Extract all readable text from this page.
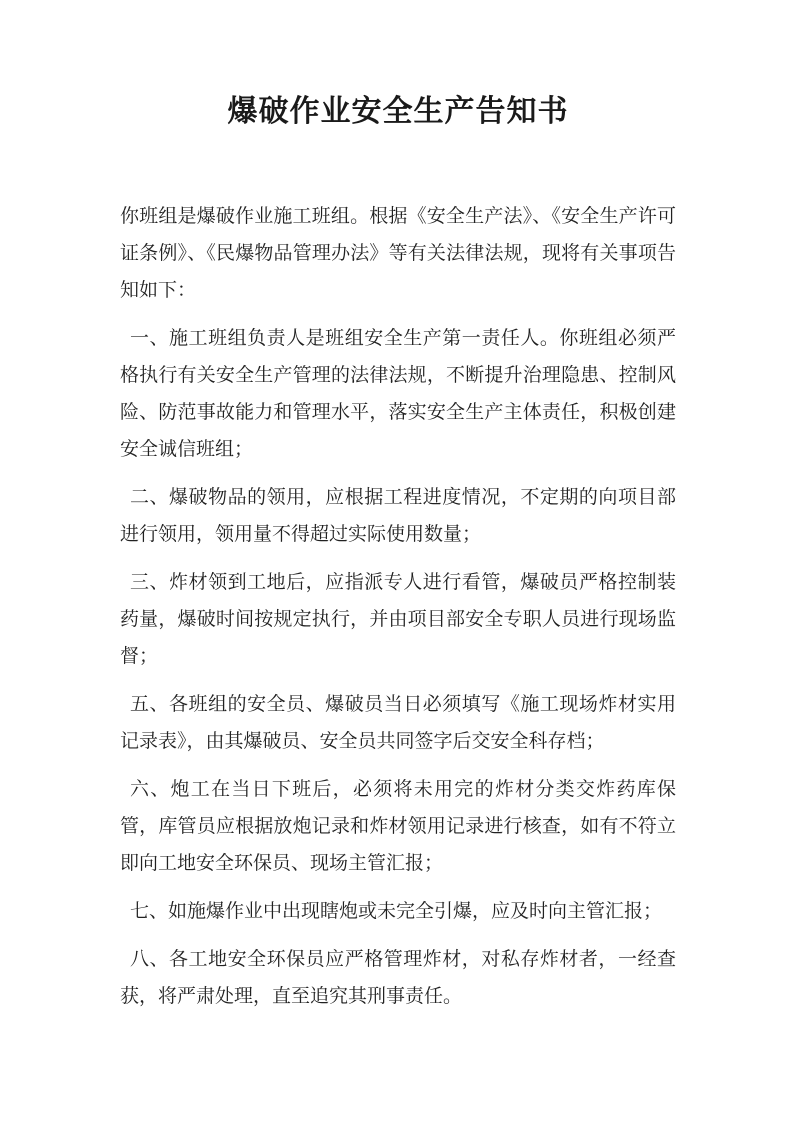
爆破作业安全生产告知书

你班组是爆破作业施工班组。根据《安全生产法》、《安全生产许可证条例》、《民爆物品管理办法》等有关法律法规，现将有关事项告知如下：

一、施工班组负责人是班组安全生产第一责任人。你班组必须严格执行有关安全生产管理的法律法规，不断提升治理隐患、控制风险、防范事故能力和管理水平，落实安全生产主体责任，积极创建安全诚信班组；

二、爆破物品的领用，应根据工程进度情况，不定期的向项目部进行领用，领用量不得超过实际使用数量；

三、炸材领到工地后，应指派专人进行看管，爆破员严格控制装药量，爆破时间按规定执行，并由项目部安全专职人员进行现场监督；

五、各班组的安全员、爆破员当日必须填写《施工现场炸材实用记录表》，由其爆破员、安全员共同签字后交安全科存档；

六、炮工在当日下班后，必须将未用完的炸材分类交炸药库保管，库管员应根据放炮记录和炸材领用记录进行核查，如有不符立即向工地安全环保员、现场主管汇报；

七、如施爆作业中出现瞎炮或未完全引爆，应及时向主管汇报；

八、各工地安全环保员应严格管理炸材，对私存炸材者，一经查获，将严肃处理，直至追究其刑事责任。
